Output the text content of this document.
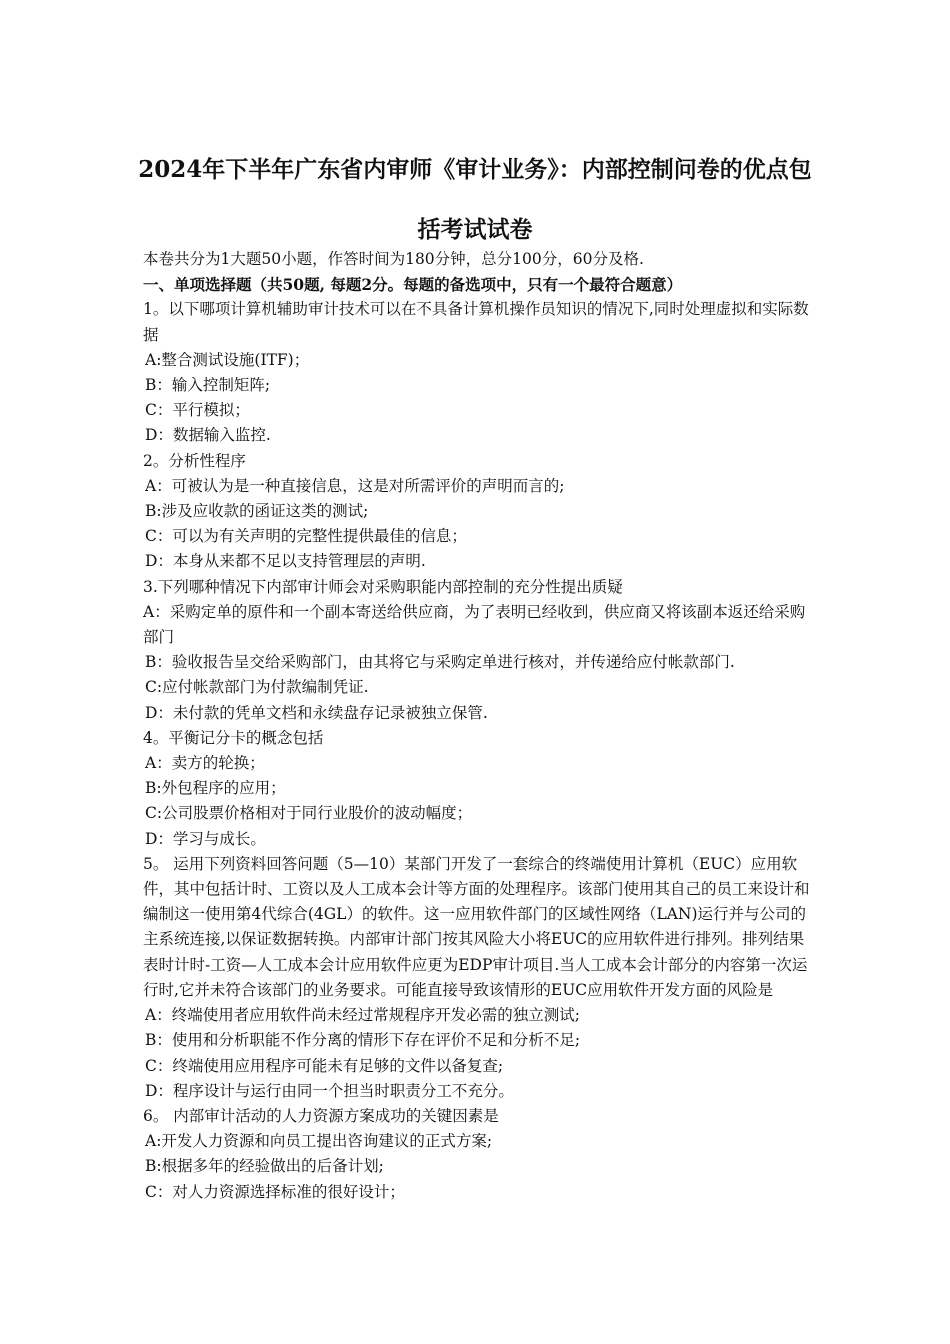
2024年下半年广东省内审师《审计业务》：内部控制问卷的优点包
括考试试卷

本卷共分为1大题50小题，作答时间为180分钟，总分100分，60分及格.

一、单项选择题（共50题, 每题2分。每题的备选项中，只有一个最符合题意）

1。以下哪项计算机辅助审计技术可以在不具备计算机操作员知识的情况下,同时处理虚拟和实际数据

A:整合测试设施(ITF)；

B：输入控制矩阵;

C：平行模拟；

D：数据输入监控.

2。分析性程序

A：可被认为是一种直接信息，这是对所需评价的声明而言的;

B:涉及应收款的函证这类的测试;

C：可以为有关声明的完整性提供最佳的信息；

D：本身从来都不足以支持管理层的声明.

3.下列哪种情况下内部审计师会对采购职能内部控制的充分性提出质疑

A：采购定单的原件和一个副本寄送给供应商，为了表明已经收到，供应商又将该副本返还给采购部门

B：验收报告呈交给采购部门，由其将它与采购定单进行核对，并传递给应付帐款部门.

C:应付帐款部门为付款编制凭证.

D：未付款的凭单文档和永续盘存记录被独立保管.

4。平衡记分卡的概念包括

A：卖方的轮换；

B:外包程序的应用；

C:公司股票价格相对于同行业股价的波动幅度；

D：学习与成长。

5。 运用下列资料回答问题（5—10）某部门开发了一套综合的终端使用计算机（EUC）应用软件，其中包括计时、工资以及人工成本会计等方面的处理程序。该部门使用其自己的员工来设计和编制这一使用第4代综合(4GL）的软件。这一应用软件部门的区域性网络（LAN)运行并与公司的主系统连接,以保证数据转换。内部审计部门按其风险大小将EUC的应用软件进行排列。排列结果表时计时-工资—人工成本会计应用软件应更为EDP审计项目.当人工成本会计部分的内容第一次运行时,它并未符合该部门的业务要求。可能直接导致该情形的EUC应用软件开发方面的风险是

A：终端使用者应用软件尚未经过常规程序开发必需的独立测试;

B：使用和分析职能不作分离的情形下存在评价不足和分析不足;

C：终端使用应用程序可能未有足够的文件以备复查;

D：程序设计与运行由同一个担当时职责分工不充分。

6。 内部审计活动的人力资源方案成功的关键因素是

A:开发人力资源和向员工提出咨询建议的正式方案;

B:根据多年的经验做出的后备计划;

C：对人力资源选择标准的很好设计；
